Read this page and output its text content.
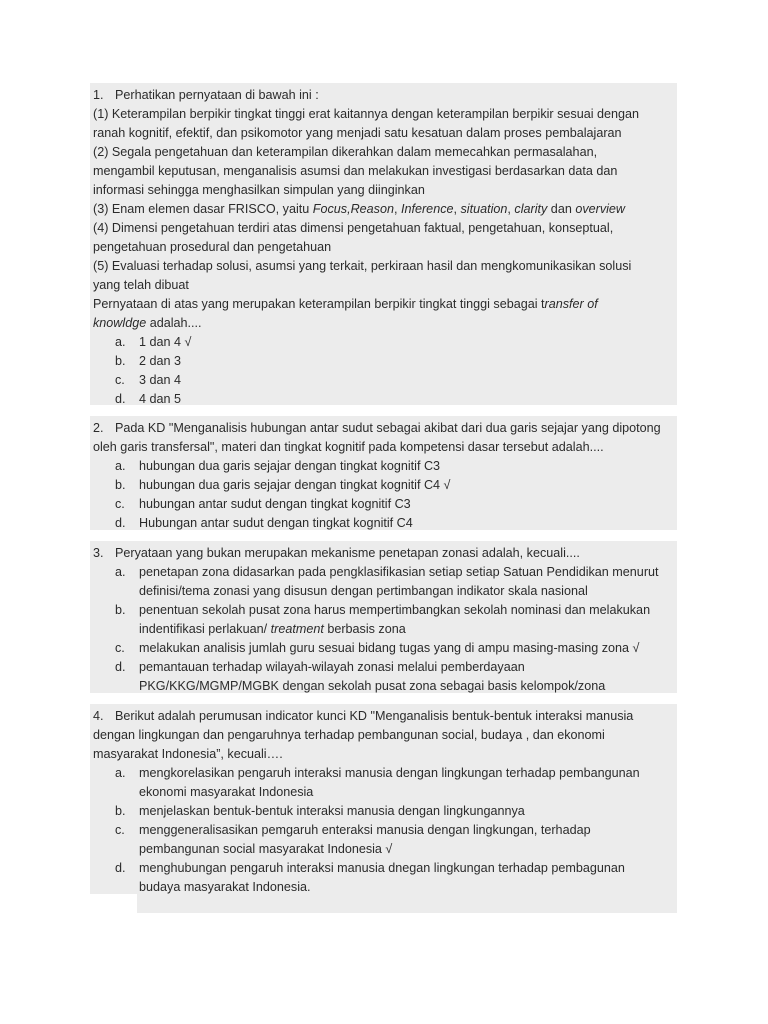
1. Perhatikan pernyataan di bawah ini :
(1) Keterampilan berpikir tingkat tinggi erat kaitannya dengan keterampilan berpikir sesuai dengan
ranah kognitif, efektif, dan psikomotor yang menjadi satu kesatuan dalam proses pembalajaran
(2) Segala pengetahuan dan keterampilan dikerahkan dalam memecahkan permasalahan,
mengambil keputusan, menganalisis asumsi dan melakukan investigasi berdasarkan data dan
informasi sehingga menghasilkan simpulan yang diinginkan
(3) Enam elemen dasar FRISCO, yaitu Focus,Reason, Inference, situation, clarity dan overview
(4) Dimensi pengetahuan terdiri atas dimensi pengetahuan faktual, pengetahuan, konseptual,
pengetahuan prosedural dan pengetahuan
(5) Evaluasi terhadap solusi, asumsi yang terkait, perkiraan hasil dan mengkomunikasikan solusi
yang telah dibuat
Pernyataan di atas yang merupakan keterampilan berpikir tingkat tinggi sebagai transfer of
knowldge adalah....
a. 1 dan 4 √
b. 2 dan 3
c. 3 dan 4
d. 4 dan 5
2. Pada KD "Menganalisis hubungan antar sudut sebagai akibat dari dua garis sejajar yang dipotong
oleh garis transfersal", materi dan tingkat kognitif pada kompetensi dasar tersebut adalah....
a. hubungan dua garis sejajar dengan tingkat kognitif C3
b. hubungan dua garis sejajar dengan tingkat kognitif C4 √
c. hubungan antar sudut dengan tingkat kognitif C3
d. Hubungan antar sudut dengan tingkat kognitif C4
3. Peryataan yang bukan merupakan mekanisme penetapan zonasi adalah, kecuali....
a. penetapan zona didasarkan pada pengklasifikasian setiap setiap Satuan Pendidikan menurut
definisi/tema zonasi yang disusun dengan pertimbangan indikator skala nasional
b. penentuan sekolah pusat zona harus mempertimbangkan sekolah nominasi dan melakukan
indentifikasi perlakuan/ treatment berbasis zona
c. melakukan analisis jumlah guru sesuai bidang tugas yang di ampu masing-masing zona √
d. pemantauan terhadap wilayah-wilayah zonasi melalui pemberdayaan
PKG/KKG/MGMP/MGBK dengan sekolah pusat zona sebagai basis kelompok/zona
4. Berikut adalah perumusan indicator kunci KD "Menganalisis bentuk-bentuk interaksi manusia
dengan lingkungan dan pengaruhnya terhadap pembangunan social, budaya , dan ekonomi
masyarakat Indonesia”, kecuali….
a. mengkorelasikan pengaruh interaksi manusia dengan lingkungan terhadap pembangunan
ekonomi masyarakat Indonesia
b. menjelaskan bentuk-bentuk interaksi manusia dengan lingkungannya
c. menggeneralisasikan pemgaruh enteraksi manusia dengan lingkungan, terhadap
pembangunan social masyarakat Indonesia √
d. menghubungan pengaruh interaksi manusia dnegan lingkungan terhadap pembagunan
budaya masyarakat Indonesia.
